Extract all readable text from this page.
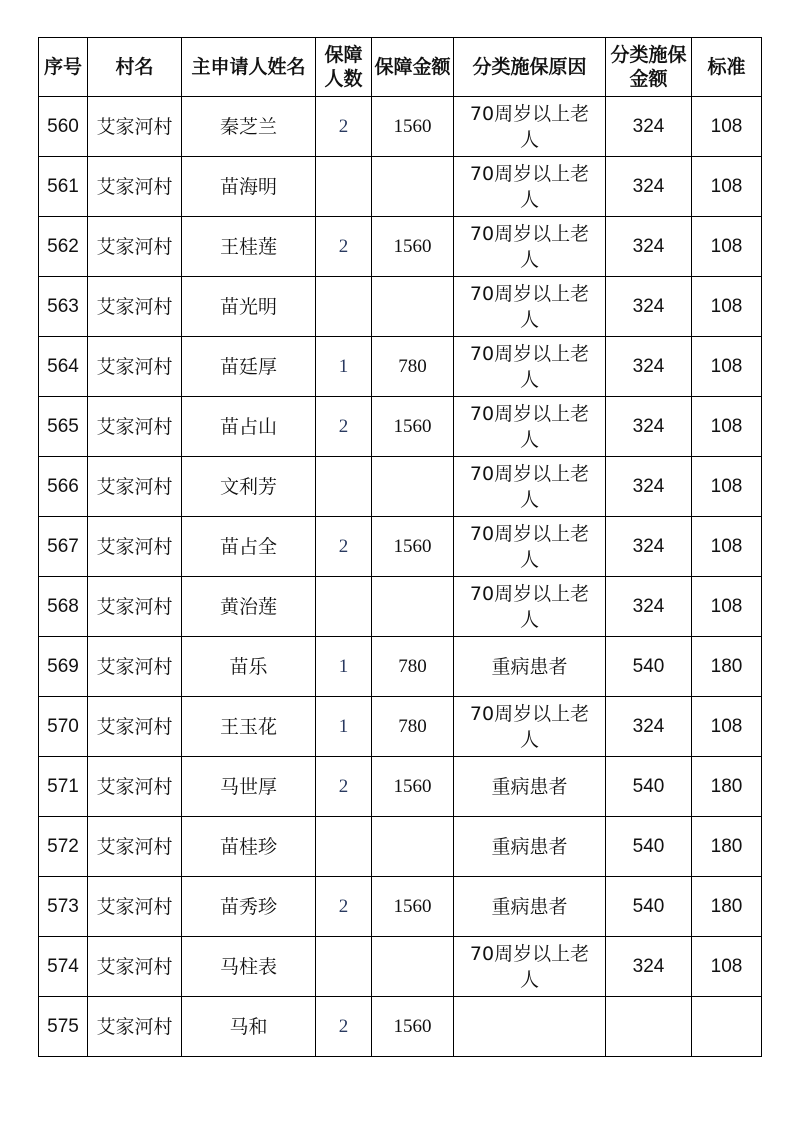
序号	村名	主申请人姓名	保障人数	保障金额	分类施保原因	分类施保金额	标准
560	艾家河村	秦芝兰	2	1560	70周岁以上老人	324	108
561	艾家河村	苗海明			70周岁以上老人	324	108
562	艾家河村	王桂莲	2	1560	70周岁以上老人	324	108
563	艾家河村	苗光明			70周岁以上老人	324	108
564	艾家河村	苗廷厚	1	780	70周岁以上老人	324	108
565	艾家河村	苗占山	2	1560	70周岁以上老人	324	108
566	艾家河村	文利芳			70周岁以上老人	324	108
567	艾家河村	苗占全	2	1560	70周岁以上老人	324	108
568	艾家河村	黄治莲			70周岁以上老人	324	108
569	艾家河村	苗乐	1	780	重病患者	540	180
570	艾家河村	王玉花	1	780	70周岁以上老人	324	108
571	艾家河村	马世厚	2	1560	重病患者	540	180
572	艾家河村	苗桂珍			重病患者	540	180
573	艾家河村	苗秀珍	2	1560	重病患者	540	180
574	艾家河村	马柱表			70周岁以上老人	324	108
575	艾家河村	马和	2	1560			
